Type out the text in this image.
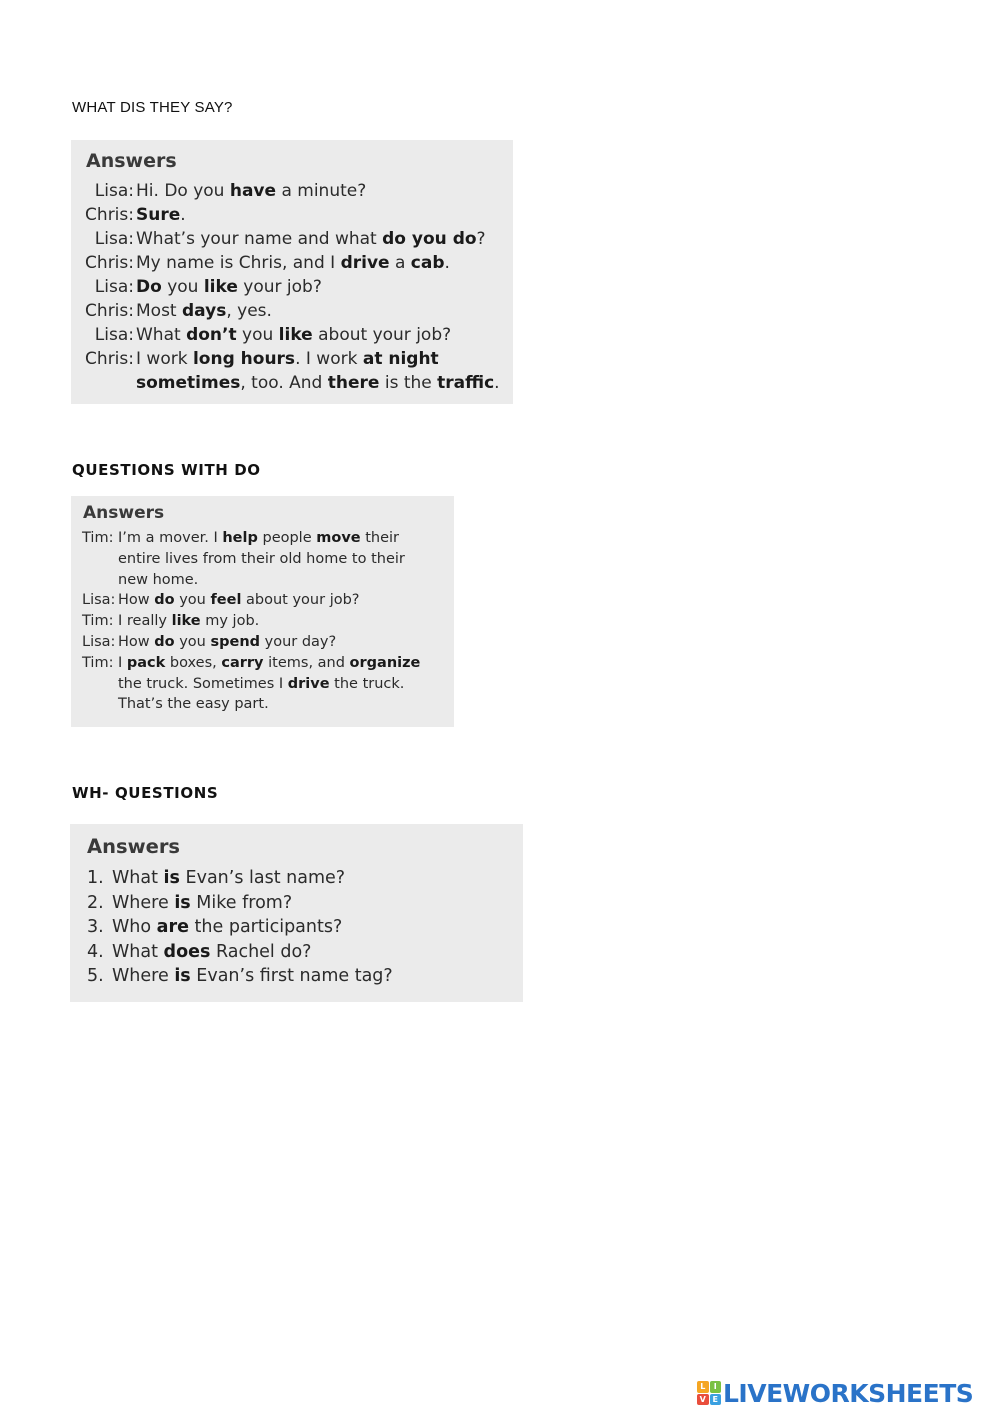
WHAT DIS THEY SAY?
Answers
Lisa: Hi. Do you have a minute?
Chris: Sure.
Lisa: What’s your name and what do you do?
Chris: My name is Chris, and I drive a cab.
Lisa: Do you like your job?
Chris: Most days, yes.
Lisa: What don’t you like about your job?
Chris: I work long hours. I work at night
sometimes, too. And there is the traffic.
QUESTIONS WITH DO
Answers
Tim: I’m a mover. I help people move their
entire lives from their old home to their
new home.
Lisa: How do you feel about your job?
Tim: I really like my job.
Lisa: How do you spend your day?
Tim: I pack boxes, carry items, and organize
the truck. Sometimes I drive the truck.
That’s the easy part.
WH- QUESTIONS
Answers
1. What is Evan’s last name?
2. Where is Mike from?
3. Who are the participants?
4. What does Rachel do?
5. Where is Evan’s first name tag?
L	I
V E LIVEWORKSHEETS
